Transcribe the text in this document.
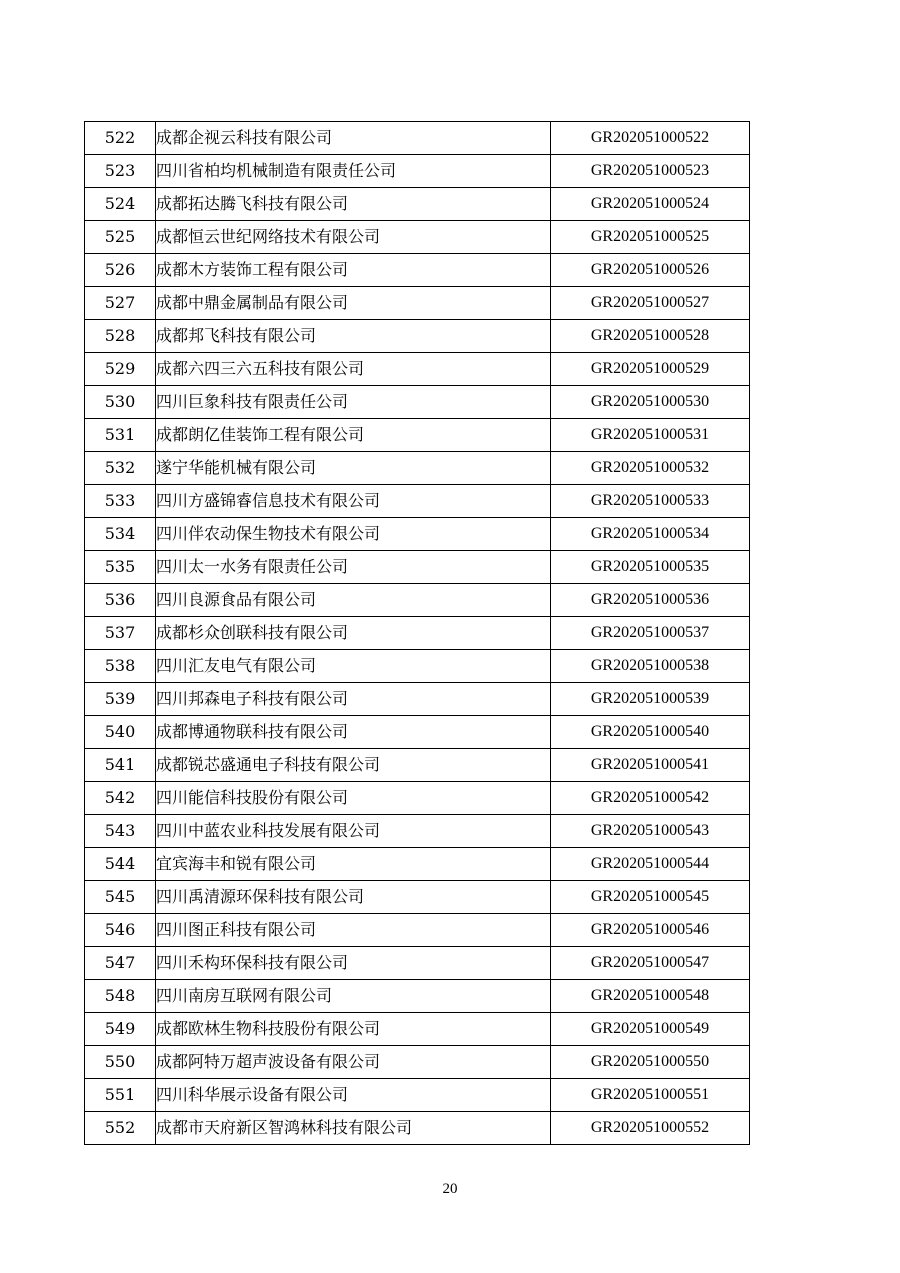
522	成都企视云科技有限公司	GR202051000522
523	四川省柏均机械制造有限责任公司	GR202051000523
524	成都拓达腾飞科技有限公司	GR202051000524
525	成都恒云世纪网络技术有限公司	GR202051000525
526	成都木方装饰工程有限公司	GR202051000526
527	成都中鼎金属制品有限公司	GR202051000527
528	成都邦飞科技有限公司	GR202051000528
529	成都六四三六五科技有限公司	GR202051000529
530	四川巨象科技有限责任公司	GR202051000530
531	成都朗亿佳装饰工程有限公司	GR202051000531
532	遂宁华能机械有限公司	GR202051000532
533	四川方盛锦睿信息技术有限公司	GR202051000533
534	四川伴农动保生物技术有限公司	GR202051000534
535	四川太一水务有限责任公司	GR202051000535
536	四川良源食品有限公司	GR202051000536
537	成都杉众创联科技有限公司	GR202051000537
538	四川汇友电气有限公司	GR202051000538
539	四川邦森电子科技有限公司	GR202051000539
540	成都博通物联科技有限公司	GR202051000540
541	成都锐芯盛通电子科技有限公司	GR202051000541
542	四川能信科技股份有限公司	GR202051000542
543	四川中蓝农业科技发展有限公司	GR202051000543
544	宜宾海丰和锐有限公司	GR202051000544
545	四川禹清源环保科技有限公司	GR202051000545
546	四川图正科技有限公司	GR202051000546
547	四川禾构环保科技有限公司	GR202051000547
548	四川南房互联网有限公司	GR202051000548
549	成都欧林生物科技股份有限公司	GR202051000549
550	成都阿特万超声波设备有限公司	GR202051000550
551	四川科华展示设备有限公司	GR202051000551
552	成都市天府新区智鸿林科技有限公司	GR202051000552
20
